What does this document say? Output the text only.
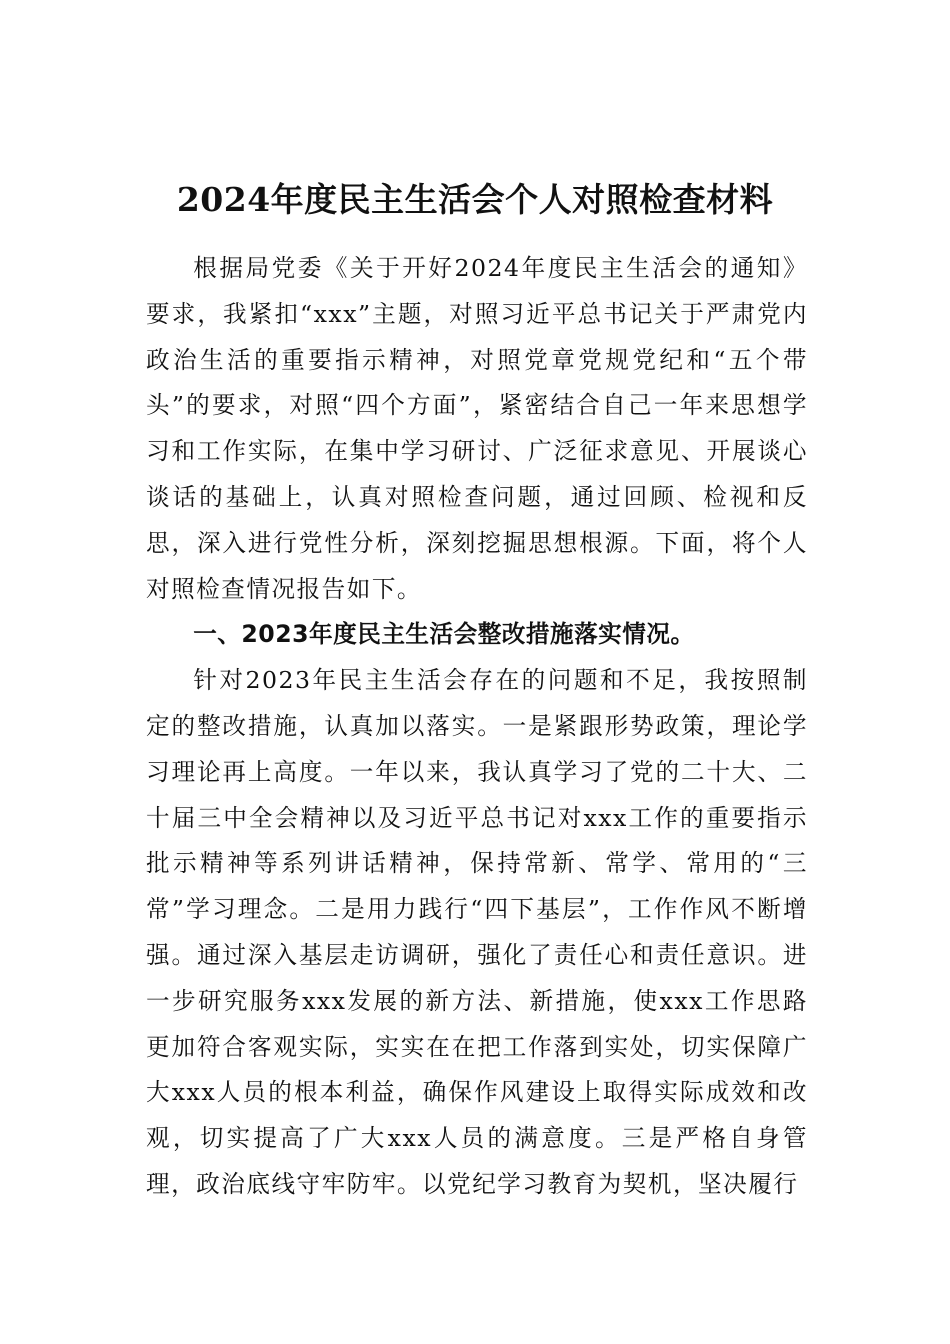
2024年度民主生活会个人对照检查材料

根据局党委《关于开好2024年度民主生活会的通知》要求，我紧扣“xxx”主题，对照习近平总书记关于严肃党内政治生活的重要指示精神，对照党章党规党纪和“五个带头”的要求，对照“四个方面”，紧密结合自己一年来思想学习和工作实际，在集中学习研讨、广泛征求意见、开展谈心谈话的基础上，认真对照检查问题，通过回顾、检视和反思，深入进行党性分析，深刻挖掘思想根源。下面，将个人对照检查情况报告如下。

一、2023年度民主生活会整改措施落实情况。

针对2023年民主生活会存在的问题和不足，我按照制定的整改措施，认真加以落实。一是紧跟形势政策，理论学习理论再上高度。一年以来，我认真学习了党的二十大、二十届三中全会精神以及习近平总书记对xxx工作的重要指示批示精神等系列讲话精神，保持常新、常学、常用的“三常”学习理念。二是用力践行“四下基层”，工作作风不断增强。通过深入基层走访调研，强化了责任心和责任意识。进一步研究服务xxx发展的新方法、新措施，使xxx工作思路更加符合客观实际，实实在在把工作落到实处，切实保障广大xxx人员的根本利益，确保作风建设上取得实际成效和改观，切实提高了广大xxx人员的满意度。三是严格自身管理，政治底线守牢防牢。以党纪学习教育为契机，坚决履行
